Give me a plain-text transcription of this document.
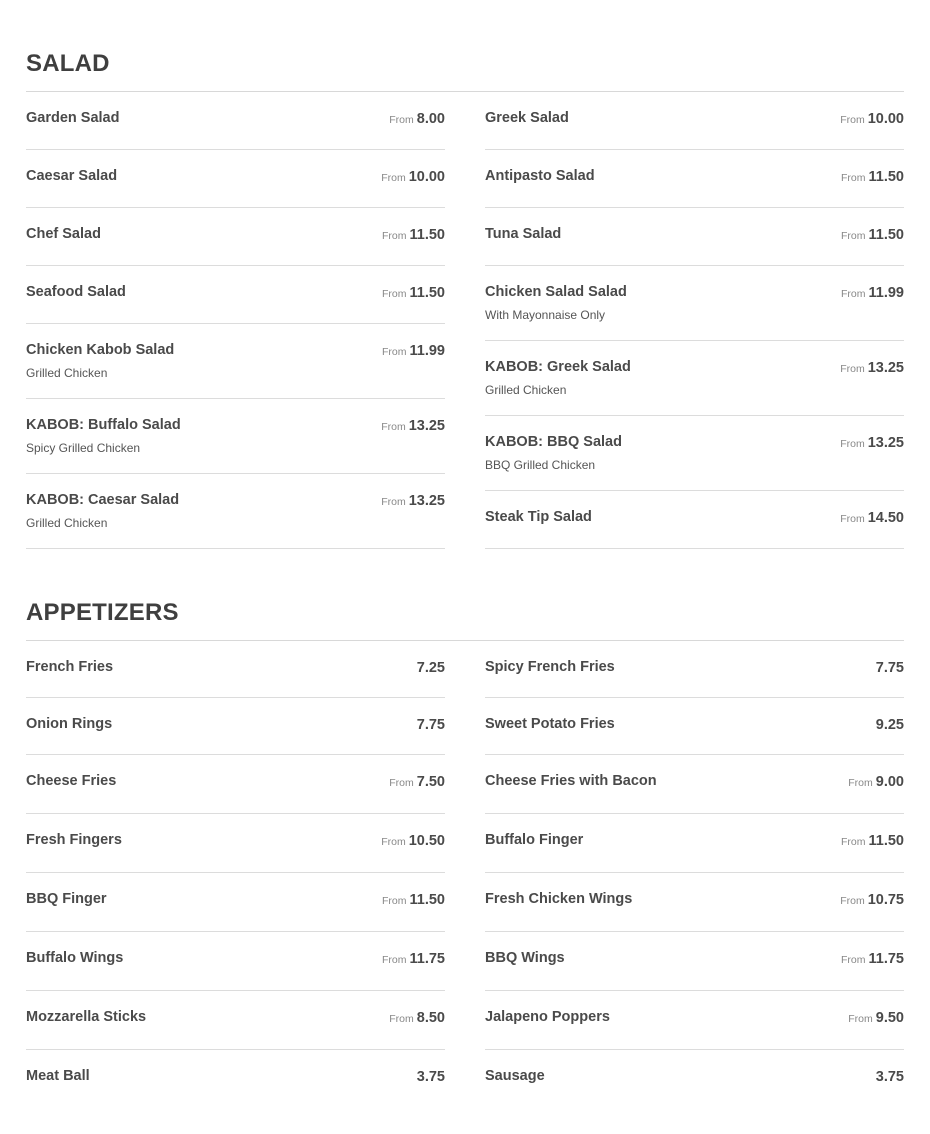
SALAD
Garden Salad	From 8.00
Caesar Salad	From 10.00
Chef Salad	From 11.50
Seafood Salad	From 11.50
Chicken Kabob Salad
Grilled Chicken
From 11.99
KABOB: Buffalo Salad
Spicy Grilled Chicken
From 13.25
KABOB: Caesar Salad
Grilled Chicken
From 13.25
Greek Salad	From 10.00
Antipasto Salad	From 11.50
Tuna Salad	From 11.50
Chicken Salad Salad
With Mayonnaise Only
From 11.99
KABOB: Greek Salad
Grilled Chicken
From 13.25
KABOB: BBQ Salad
BBQ Grilled Chicken
From 13.25
Steak Tip Salad	From 14.50
APPETIZERS
French Fries	7.25
Onion Rings	7.75
Cheese Fries	From 7.50
Fresh Fingers	From 10.50
BBQ Finger	From 11.50
Buffalo Wings	From 11.75
Mozzarella Sticks	From 8.50
Meat Ball	3.75
Spicy French Fries	7.75
Sweet Potato Fries	9.25
Cheese Fries with Bacon	From 9.00
Buffalo Finger	From 11.50
Fresh Chicken Wings	From 10.75
BBQ Wings	From 11.75
Jalapeno Poppers	From 9.50
Sausage	3.75
